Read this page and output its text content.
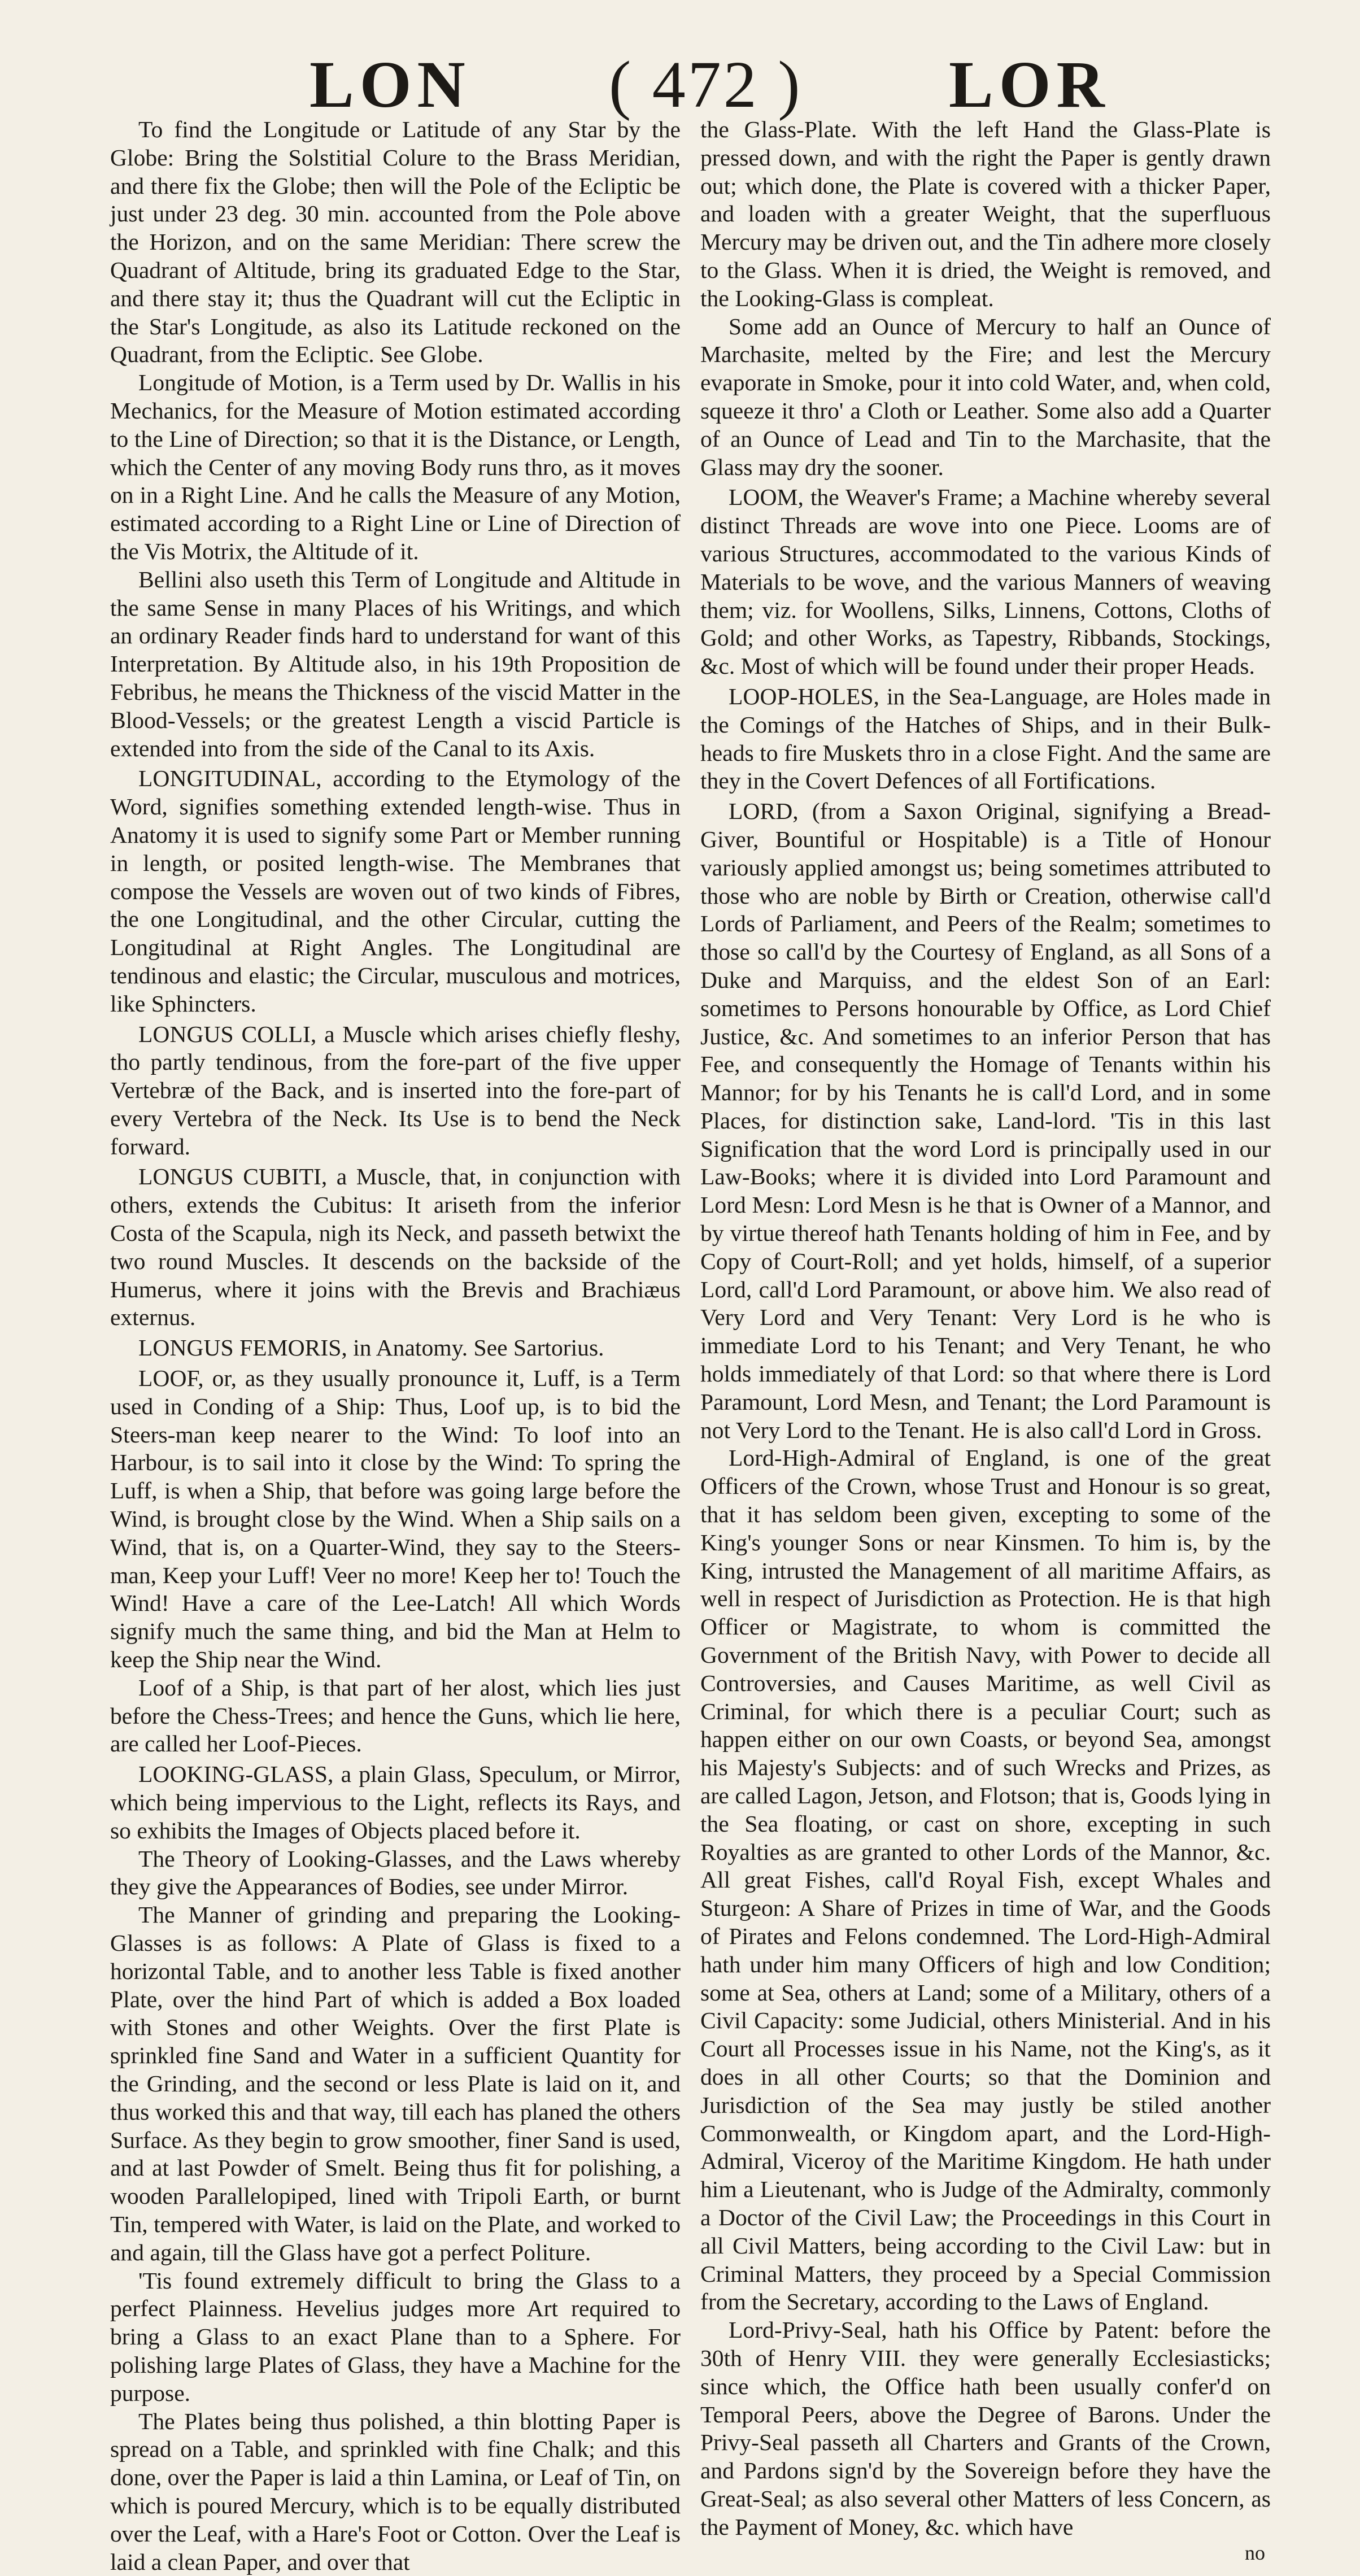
LON ( 472 ) LOR

To find the Longitude or Latitude of any Star by the Globe: Bring the Solstitial Colure to the Brass Meridian, and there fix the Globe; then will the Pole of the Ecliptic be just under 23 deg. 30 min. accounted from the Pole above the Horizon, and on the same Meridian: There screw the Quadrant of Altitude, bring its graduated Edge to the Star, and there stay it; thus the Quadrant will cut the Ecliptic in the Star's Longitude, as also its Latitude reckoned on the Quadrant, from the Ecliptic. See Globe.

Longitude of Motion, is a Term used by Dr. Wallis in his Mechanics, for the Measure of Motion estimated according to the Line of Direction; so that it is the Distance, or Length, which the Center of any moving Body runs thro, as it moves on in a Right Line. And he calls the Measure of any Motion, estimated according to a Right Line or Line of Direction of the Vis Motrix, the Altitude of it.

Bellini also useth this Term of Longitude and Altitude in the same Sense in many Places of his Writings, and which an ordinary Reader finds hard to understand for want of this Interpretation. By Altitude also, in his 19th Proposition de Febribus, he means the Thickness of the viscid Matter in the Blood-Vessels; or the greatest Length a viscid Particle is extended into from the side of the Canal to its Axis.

LONGITUDINAL, according to the Etymology of the Word, signifies something extended length-wise. Thus in Anatomy it is used to signify some Part or Member running in length, or posited length-wise. The Membranes that compose the Vessels are woven out of two kinds of Fibres, the one Longitudinal, and the other Circular, cutting the Longitudinal at Right Angles. The Longitudinal are tendinous and elastic; the Circular, musculous and motrices, like Sphincters.

LONGUS COLLI, a Muscle which arises chiefly fleshy, tho partly tendinous, from the fore-part of the five upper Vertebræ of the Back, and is inserted into the fore-part of every Vertebra of the Neck. Its Use is to bend the Neck forward.

LONGUS CUBITI, a Muscle, that, in conjunction with others, extends the Cubitus: It ariseth from the inferior Costa of the Scapula, nigh its Neck, and passeth betwixt the two round Muscles. It descends on the backside of the Humerus, where it joins with the Brevis and Brachiæus externus.

LONGUS FEMORIS, in Anatomy. See Sartorius.

LOOF, or, as they usually pronounce it, Luff, is a Term used in Conding of a Ship: Thus, Loof up, is to bid the Steers-man keep nearer to the Wind: To loof into an Harbour, is to sail into it close by the Wind: To spring the Luff, is when a Ship, that before was going large before the Wind, is brought close by the Wind. When a Ship sails on a Wind, that is, on a Quarter-Wind, they say to the Steers-man, Keep your Luff! Veer no more! Keep her to! Touch the Wind! Have a care of the Lee-Latch! All which Words signify much the same thing, and bid the Man at Helm to keep the Ship near the Wind.

Loof of a Ship, is that part of her alost, which lies just before the Chess-Trees; and hence the Guns, which lie here, are called her Loof-Pieces.

LOOKING-GLASS, a plain Glass, Speculum, or Mirror, which being impervious to the Light, reflects its Rays, and so exhibits the Images of Objects placed before it.

The Theory of Looking-Glasses, and the Laws whereby they give the Appearances of Bodies, see under Mirror.

The Manner of grinding and preparing the Looking-Glasses is as follows: A Plate of Glass is fixed to a horizontal Table, and to another less Table is fixed another Plate, over the hind Part of which is added a Box loaded with Stones and other Weights. Over the first Plate is sprinkled fine Sand and Water in a sufficient Quantity for the Grinding, and the second or less Plate is laid on it, and thus worked this and that way, till each has planed the others Surface. As they begin to grow smoother, finer Sand is used, and at last Powder of Smelt. Being thus fit for polishing, a wooden Parallelopiped, lined with Tripoli Earth, or burnt Tin, tempered with Water, is laid on the Plate, and worked to and again, till the Glass have got a perfect Politure.

'Tis found extremely difficult to bring the Glass to a perfect Plainness. Hevelius judges more Art required to bring a Glass to an exact Plane than to a Sphere. For polishing large Plates of Glass, they have a Machine for the purpose.

The Plates being thus polished, a thin blotting Paper is spread on a Table, and sprinkled with fine Chalk; and this done, over the Paper is laid a thin Lamina, or Leaf of Tin, on which is poured Mercury, which is to be equally distributed over the Leaf, with a Hare's Foot or Cotton. Over the Leaf is laid a clean Paper, and over that

the Glass-Plate. With the left Hand the Glass-Plate is pressed down, and with the right the Paper is gently drawn out; which done, the Plate is covered with a thicker Paper, and loaden with a greater Weight, that the superfluous Mercury may be driven out, and the Tin adhere more closely to the Glass. When it is dried, the Weight is removed, and the Looking-Glass is compleat.

Some add an Ounce of Mercury to half an Ounce of Marchasite, melted by the Fire; and lest the Mercury evaporate in Smoke, pour it into cold Water, and, when cold, squeeze it thro' a Cloth or Leather. Some also add a Quarter of an Ounce of Lead and Tin to the Marchasite, that the Glass may dry the sooner.

LOOM, the Weaver's Frame; a Machine whereby several distinct Threads are wove into one Piece. Looms are of various Structures, accommodated to the various Kinds of Materials to be wove, and the various Manners of weaving them; viz. for Woollens, Silks, Linnens, Cottons, Cloths of Gold; and other Works, as Tapestry, Ribbands, Stockings, &c. Most of which will be found under their proper Heads.

LOOP-HOLES, in the Sea-Language, are Holes made in the Comings of the Hatches of Ships, and in their Bulk-heads to fire Muskets thro in a close Fight. And the same are they in the Covert Defences of all Fortifications.

LORD, (from a Saxon Original, signifying a Bread-Giver, Bountiful or Hospitable) is a Title of Honour variously applied amongst us; being sometimes attributed to those who are noble by Birth or Creation, otherwise call'd Lords of Parliament, and Peers of the Realm; sometimes to those so call'd by the Courtesy of England, as all Sons of a Duke and Marquiss, and the eldest Son of an Earl: sometimes to Persons honourable by Office, as Lord Chief Justice, &c. And sometimes to an inferior Person that has Fee, and consequently the Homage of Tenants within his Mannor; for by his Tenants he is call'd Lord, and in some Places, for distinction sake, Land-lord. 'Tis in this last Signification that the word Lord is principally used in our Law-Books; where it is divided into Lord Paramount and Lord Mesn: Lord Mesn is he that is Owner of a Mannor, and by virtue thereof hath Tenants holding of him in Fee, and by Copy of Court-Roll; and yet holds, himself, of a superior Lord, call'd Lord Paramount, or above him. We also read of Very Lord and Very Tenant: Very Lord is he who is immediate Lord to his Tenant; and Very Tenant, he who holds immediately of that Lord: so that where there is Lord Paramount, Lord Mesn, and Tenant; the Lord Paramount is not Very Lord to the Tenant. He is also call'd Lord in Gross.

Lord-High-Admiral of England, is one of the great Officers of the Crown, whose Trust and Honour is so great, that it has seldom been given, excepting to some of the King's younger Sons or near Kinsmen. To him is, by the King, intrusted the Management of all maritime Affairs, as well in respect of Jurisdiction as Protection. He is that high Officer or Magistrate, to whom is committed the Government of the British Navy, with Power to decide all Controversies, and Causes Maritime, as well Civil as Criminal, for which there is a peculiar Court; such as happen either on our own Coasts, or beyond Sea, amongst his Majesty's Subjects: and of such Wrecks and Prizes, as are called Lagon, Jetson, and Flotson; that is, Goods lying in the Sea floating, or cast on shore, excepting in such Royalties as are granted to other Lords of the Mannor, &c. All great Fishes, call'd Royal Fish, except Whales and Sturgeon: A Share of Prizes in time of War, and the Goods of Pirates and Felons condemned. The Lord-High-Admiral hath under him many Officers of high and low Condition; some at Sea, others at Land; some of a Military, others of a Civil Capacity: some Judicial, others Ministerial. And in his Court all Processes issue in his Name, not the King's, as it does in all other Courts; so that the Dominion and Jurisdiction of the Sea may justly be stiled another Commonwealth, or Kingdom apart, and the Lord-High-Admiral, Viceroy of the Maritime Kingdom. He hath under him a Lieutenant, who is Judge of the Admiralty, commonly a Doctor of the Civil Law; the Proceedings in this Court in all Civil Matters, being according to the Civil Law: but in Criminal Matters, they proceed by a Special Commission from the Secretary, according to the Laws of England.

Lord-Privy-Seal, hath his Office by Patent: before the 30th of Henry VIII. they were generally Ecclesiasticks; since which, the Office hath been usually confer'd on Temporal Peers, above the Degree of Barons. Under the Privy-Seal passeth all Charters and Grants of the Crown, and Pardons sign'd by the Sovereign before they have the Great-Seal; as also several other Matters of less Concern, as the Payment of Money, &c. which have

no
